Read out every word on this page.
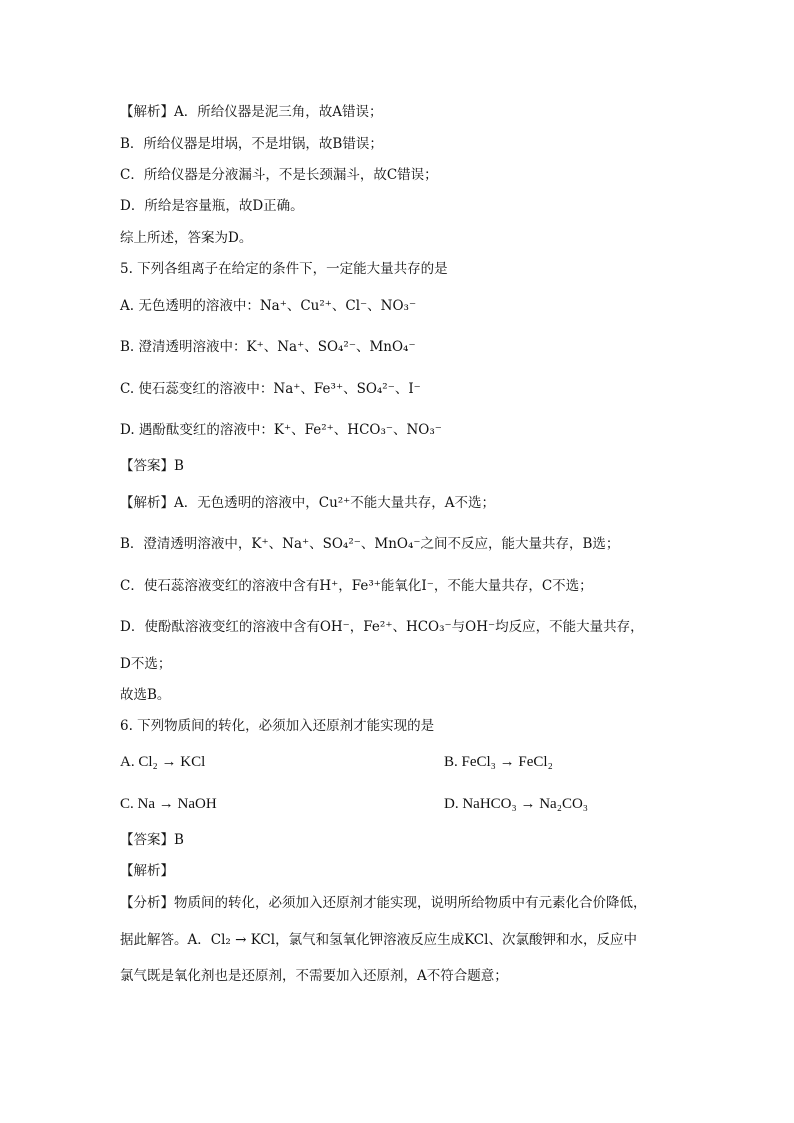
【解析】A．所给仪器是泥三角，故A错误；
B．所给仪器是坩埚，不是坩锅，故B错误；
C．所给仪器是分液漏斗，不是长颈漏斗，故C错误；
D．所给是容量瓶，故D正确。
综上所述，答案为D。
5. 下列各组离子在给定的条件下，一定能大量共存的是
A. 无色透明的溶液中：Na⁺、Cu²⁺、Cl⁻、NO₃⁻
B. 澄清透明溶液中：K⁺、Na⁺、SO₄²⁻、MnO₄⁻
C. 使石蕊变红的溶液中：Na⁺、Fe³⁺、SO₄²⁻、I⁻
D. 遇酚酞变红的溶液中：K⁺、Fe²⁺、HCO₃⁻、NO₃⁻
【答案】B
【解析】A．无色透明的溶液中，Cu²⁺不能大量共存，A不选；
B．澄清透明溶液中，K⁺、Na⁺、SO₄²⁻、MnO₄⁻之间不反应，能大量共存，B选；
C．使石蕊溶液变红的溶液中含有H⁺，Fe³⁺能氧化I⁻，不能大量共存，C不选；
D．使酚酞溶液变红的溶液中含有OH⁻，Fe²⁺、HCO₃⁻与OH⁻均反应，不能大量共存，
D不选；
故选B。
6. 下列物质间的转化，必须加入还原剂才能实现的是
A. Cl₂ → KCl	B. FeCl₃ → FeCl₂
C. Na → NaOH	D. NaHCO₃ → Na₂CO₃
【答案】B
【解析】
【分析】物质间的转化，必须加入还原剂才能实现，说明所给物质中有元素化合价降低，
据此解答。A．Cl₂ → KCl，氯气和氢氧化钾溶液反应生成KCl、次氯酸钾和水，反应中
氯气既是氧化剂也是还原剂，不需要加入还原剂，A不符合题意；
